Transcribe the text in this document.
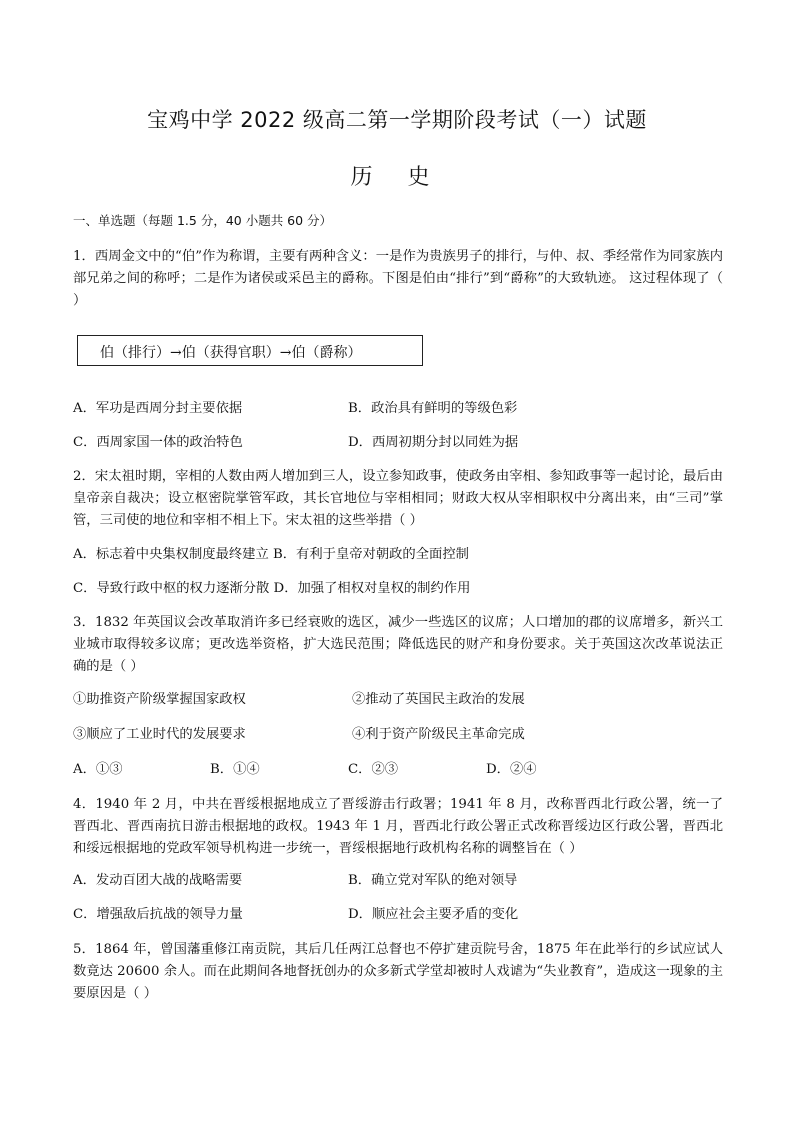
宝鸡中学 2022 级高二第一学期阶段考试（一）试题
历 史
一、单选题（每题 1.5 分，40 小题共 60 分）

1．西周金文中的“伯”作为称谓，主要有两种含义：一是作为贵族男子的排行，与仲、叔、季经常作为同家族内部兄弟之间的称呼；二是作为诸侯或采邑主的爵称。下图是伯由“排行”到“爵称”的大致轨迹。 这过程体现了（ ）

伯（排行）→伯（获得官职）→伯（爵称）
A．军功是西周分封主要依据	B．政治具有鲜明的等级色彩
C．西周家国一体的政治特色	D．西周初期分封以同姓为据

2．宋太祖时期，宰相的人数由两人增加到三人，设立参知政事，使政务由宰相、参知政事等一起讨论，最后由皇帝亲自裁决；设立枢密院掌管军政，其长官地位与宰相相同；财政大权从宰相职权中分离出来，由“三司”掌管，三司使的地位和宰相不相上下。宋太祖的这些举措（ ）

A．标志着中央集权制度最终建立 B．有利于皇帝对朝政的全面控制
C．导致行政中枢的权力逐渐分散 D．加强了相权对皇权的制约作用

3．1832 年英国议会改革取消许多已经衰败的选区，减少一些选区的议席；人口增加的郡的议席增多，新兴工业城市取得较多议席；更改选举资格，扩大选民范围；降低选民的财产和身份要求。关于英国这次改革说法正确的是（ ）

①助推资产阶级掌握国家政权	②推动了英国民主政治的发展
③顺应了工业时代的发展要求	④利于资产阶级民主革命完成
A．①③	B．①④	C．②③	D．②④

4．1940 年 2 月，中共在晋绥根据地成立了晋绥游击行政署；1941 年 8 月，改称晋西北行政公署，统一了晋西北、晋西南抗日游击根据地的政权。1943 年 1 月，晋西北行政公署正式改称晋绥边区行政公署，晋西北和绥远根据地的党政军领导机构进一步统一，晋绥根据地行政机构名称的调整旨在（ ）

A．发动百团大战的战略需要	B．确立党对军队的绝对领导
C．增强敌后抗战的领导力量	D．顺应社会主要矛盾的变化

5．1864 年，曾国藩重修江南贡院，其后几任两江总督也不停扩建贡院号舍，1875 年在此举行的乡试应试人数竟达 20600 余人。而在此期间各地督抚创办的众多新式学堂却被时人戏谑为“失业教育”，造成这一现象的主要原因是（ ）
